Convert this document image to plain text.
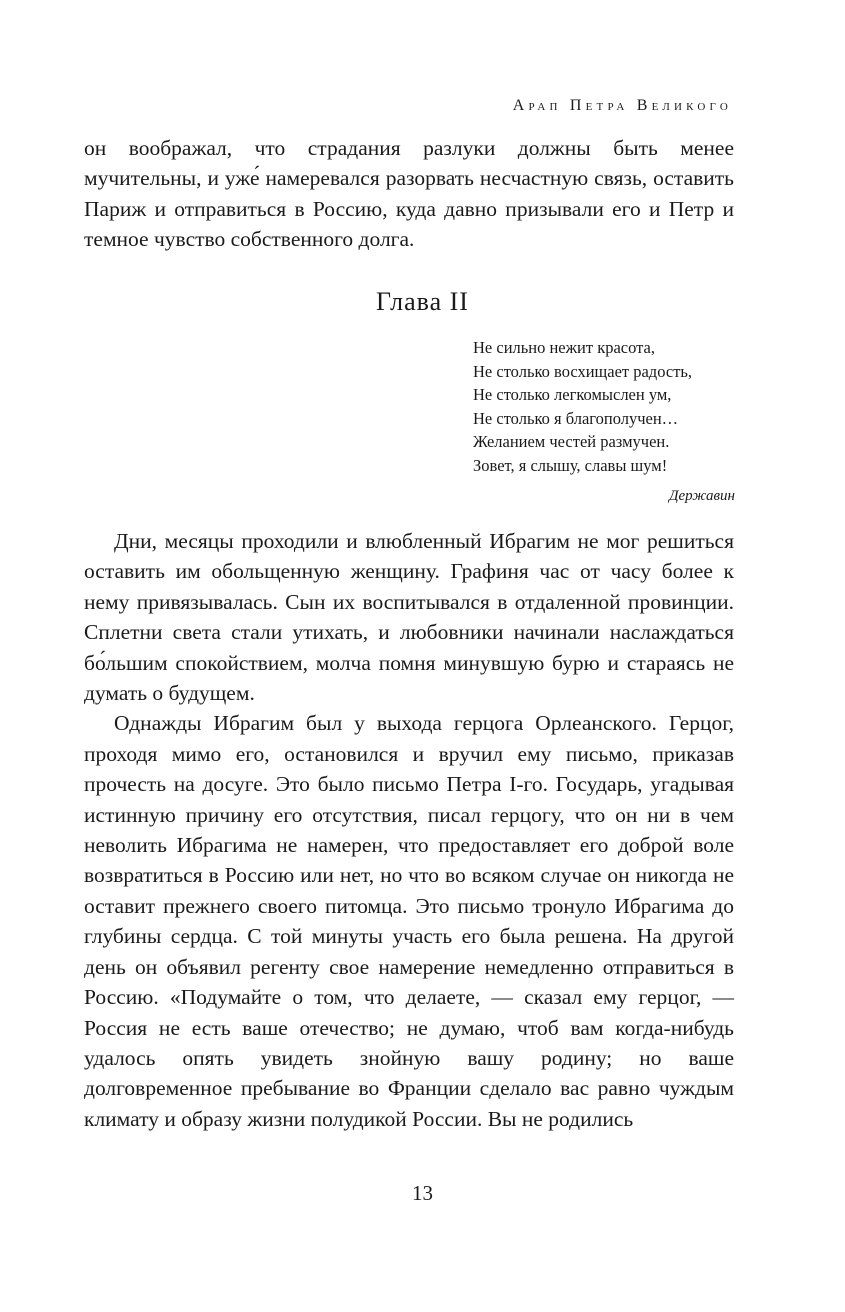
Арап Петра Великого

он воображал, что страдания разлуки должны быть менее мучительны, и уже́ намеревался разорвать несчастную связь, оставить Париж и отправиться в Россию, куда давно призывали его и Петр и темное чувство собственного долга.

Глава II
Не сильно нежит красота,
Не столько восхищает радость,
Не столько легкомыслен ум,
Не столько я благополучен…
Желанием честей размучен.
Зовет, я слышу, славы шум!
Державин

Дни, месяцы проходили и влюбленный Ибрагим не мог решиться оставить им обольщенную женщину. Графиня час от часу более к нему привязывалась. Сын их воспитывался в отдаленной провинции. Сплетни света стали утихать, и любовники начинали наслаждаться бо́льшим спокойствием, молча помня минувшую бурю и стараясь не думать о будущем.

Однажды Ибрагим был у выхода герцога Орлеанского. Герцог, проходя мимо его, остановился и вручил ему письмо, приказав прочесть на досуге. Это было письмо Петра I-го. Государь, угадывая истинную причину его отсутствия, писал герцогу, что он ни в чем неволить Ибрагима не намерен, что предоставляет его доброй воле возвратиться в Россию или нет, но что во всяком случае он никогда не оставит прежнего своего питомца. Это письмо тронуло Ибрагима до глубины сердца. С той минуты участь его была решена. На другой день он объявил регенту свое намерение немедленно отправиться в Россию. «Подумайте о том, что делаете, — сказал ему герцог, — Россия не есть ваше отечество; не думаю, чтоб вам когда-нибудь удалось опять увидеть знойную вашу родину; но ваше долговременное пребывание во Франции сделало вас равно чуждым климату и образу жизни полудикой России. Вы не родились

13
